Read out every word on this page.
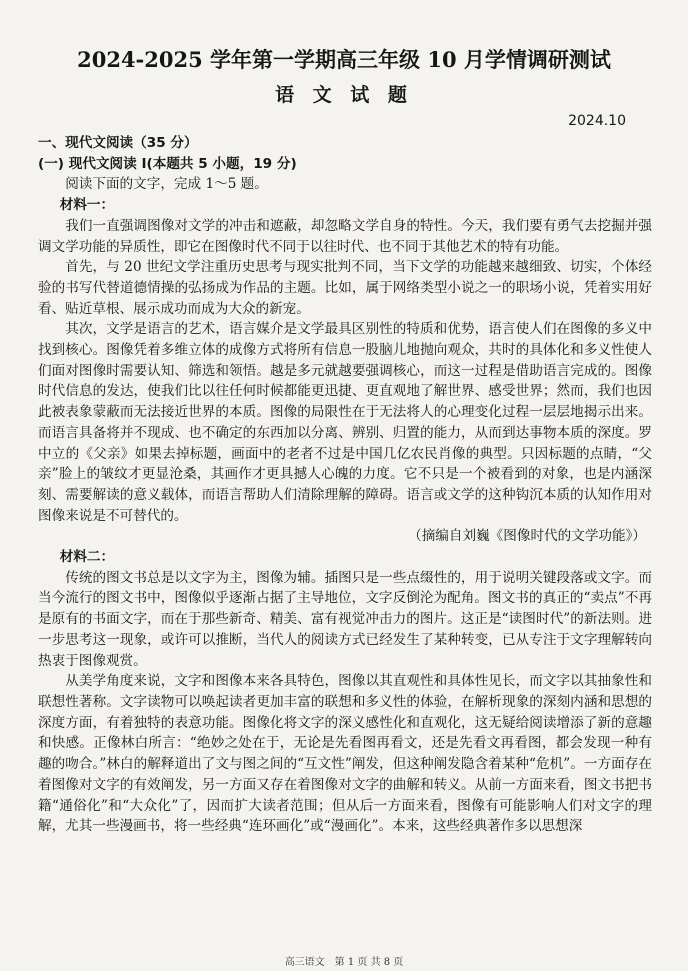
2024-2025 学年第一学期高三年级 10 月学情调研测试
语 文 试 题
2024.10
一、现代文阅读（35 分）
(一) 现代文阅读 I(本题共 5 小题，19 分)

阅读下面的文字，完成 1～5 题。

材料一：

我们一直强调图像对文学的冲击和遮蔽，却忽略文学自身的特性。今天，我们要有勇气去挖掘并强调文学功能的异质性，即它在图像时代不同于以往时代、也不同于其他艺术的特有功能。

首先，与 20 世纪文学注重历史思考与现实批判不同，当下文学的功能越来越细致、切实，个体经验的书写代替道德情操的弘扬成为作品的主题。比如，属于网络类型小说之一的职场小说，凭着实用好看、贴近草根、展示成功而成为大众的新宠。

其次，文学是语言的艺术，语言媒介是文学最具区别性的特质和优势，语言使人们在图像的多义中找到核心。图像凭着多维立体的成像方式将所有信息一股脑儿地抛向观众，共时的具体化和多义性使人们面对图像时需要认知、筛选和领悟。越是多元就越要强调核心，而这一过程是借助语言完成的。图像时代信息的发达，使我们比以往任何时候都能更迅捷、更直观地了解世界、感受世界；然而，我们也因此被表象蒙蔽而无法接近世界的本质。图像的局限性在于无法将人的心理变化过程一层层地揭示出来。而语言具备将并不现成、也不确定的东西加以分离、辨别、归置的能力，从而到达事物本质的深度。罗中立的《父亲》如果去掉标题，画面中的老者不过是中国几亿农民肖像的典型。只因标题的点睛，“父亲”脸上的皱纹才更显沧桑，其画作才更具撼人心魄的力度。它不只是一个被看到的对象，也是内涵深刻、需要解读的意义载体，而语言帮助人们清除理解的障碍。语言或文学的这种钩沉本质的认知作用对图像来说是不可替代的。

（摘编自刘巍《图像时代的文学功能》）
材料二：

传统的图文书总是以文字为主，图像为辅。插图只是一些点缀性的，用于说明关键段落或文字。而当今流行的图文书中，图像似乎逐渐占据了主导地位，文字反倒沦为配角。图文书的真正的“卖点”不再是原有的书面文字，而在于那些新奇、精美、富有视觉冲击力的图片。这正是“读图时代”的新法则。进一步思考这一现象，或许可以推断，当代人的阅读方式已经发生了某种转变，已从专注于文字理解转向热衷于图像观赏。

从美学角度来说，文字和图像本来各具特色，图像以其直观性和具体性见长，而文字以其抽象性和联想性著称。文字读物可以唤起读者更加丰富的联想和多义性的体验，在解析现象的深刻内涵和思想的深度方面，有着独特的表意功能。图像化将文字的深义感性化和直观化，这无疑给阅读增添了新的意趣和快感。正像林白所言：“绝妙之处在于，无论是先看图再看文，还是先看文再看图，都会发现一种有趣的吻合。”林白的解释道出了文与图之间的“互文性”阐发，但这种阐发隐含着某种“危机”。一方面存在着图像对文字的有效阐发，另一方面又存在着图像对文字的曲解和转义。从前一方面来看，图文书把书籍“通俗化”和“大众化”了，因而扩大读者范围；但从后一方面来看，图像有可能影响人们对文字的理解，尤其一些漫画书，将一些经典“连环画化”或“漫画化”。本来，这些经典著作多以思想深

高三语文　第 1 页 共 8 页
